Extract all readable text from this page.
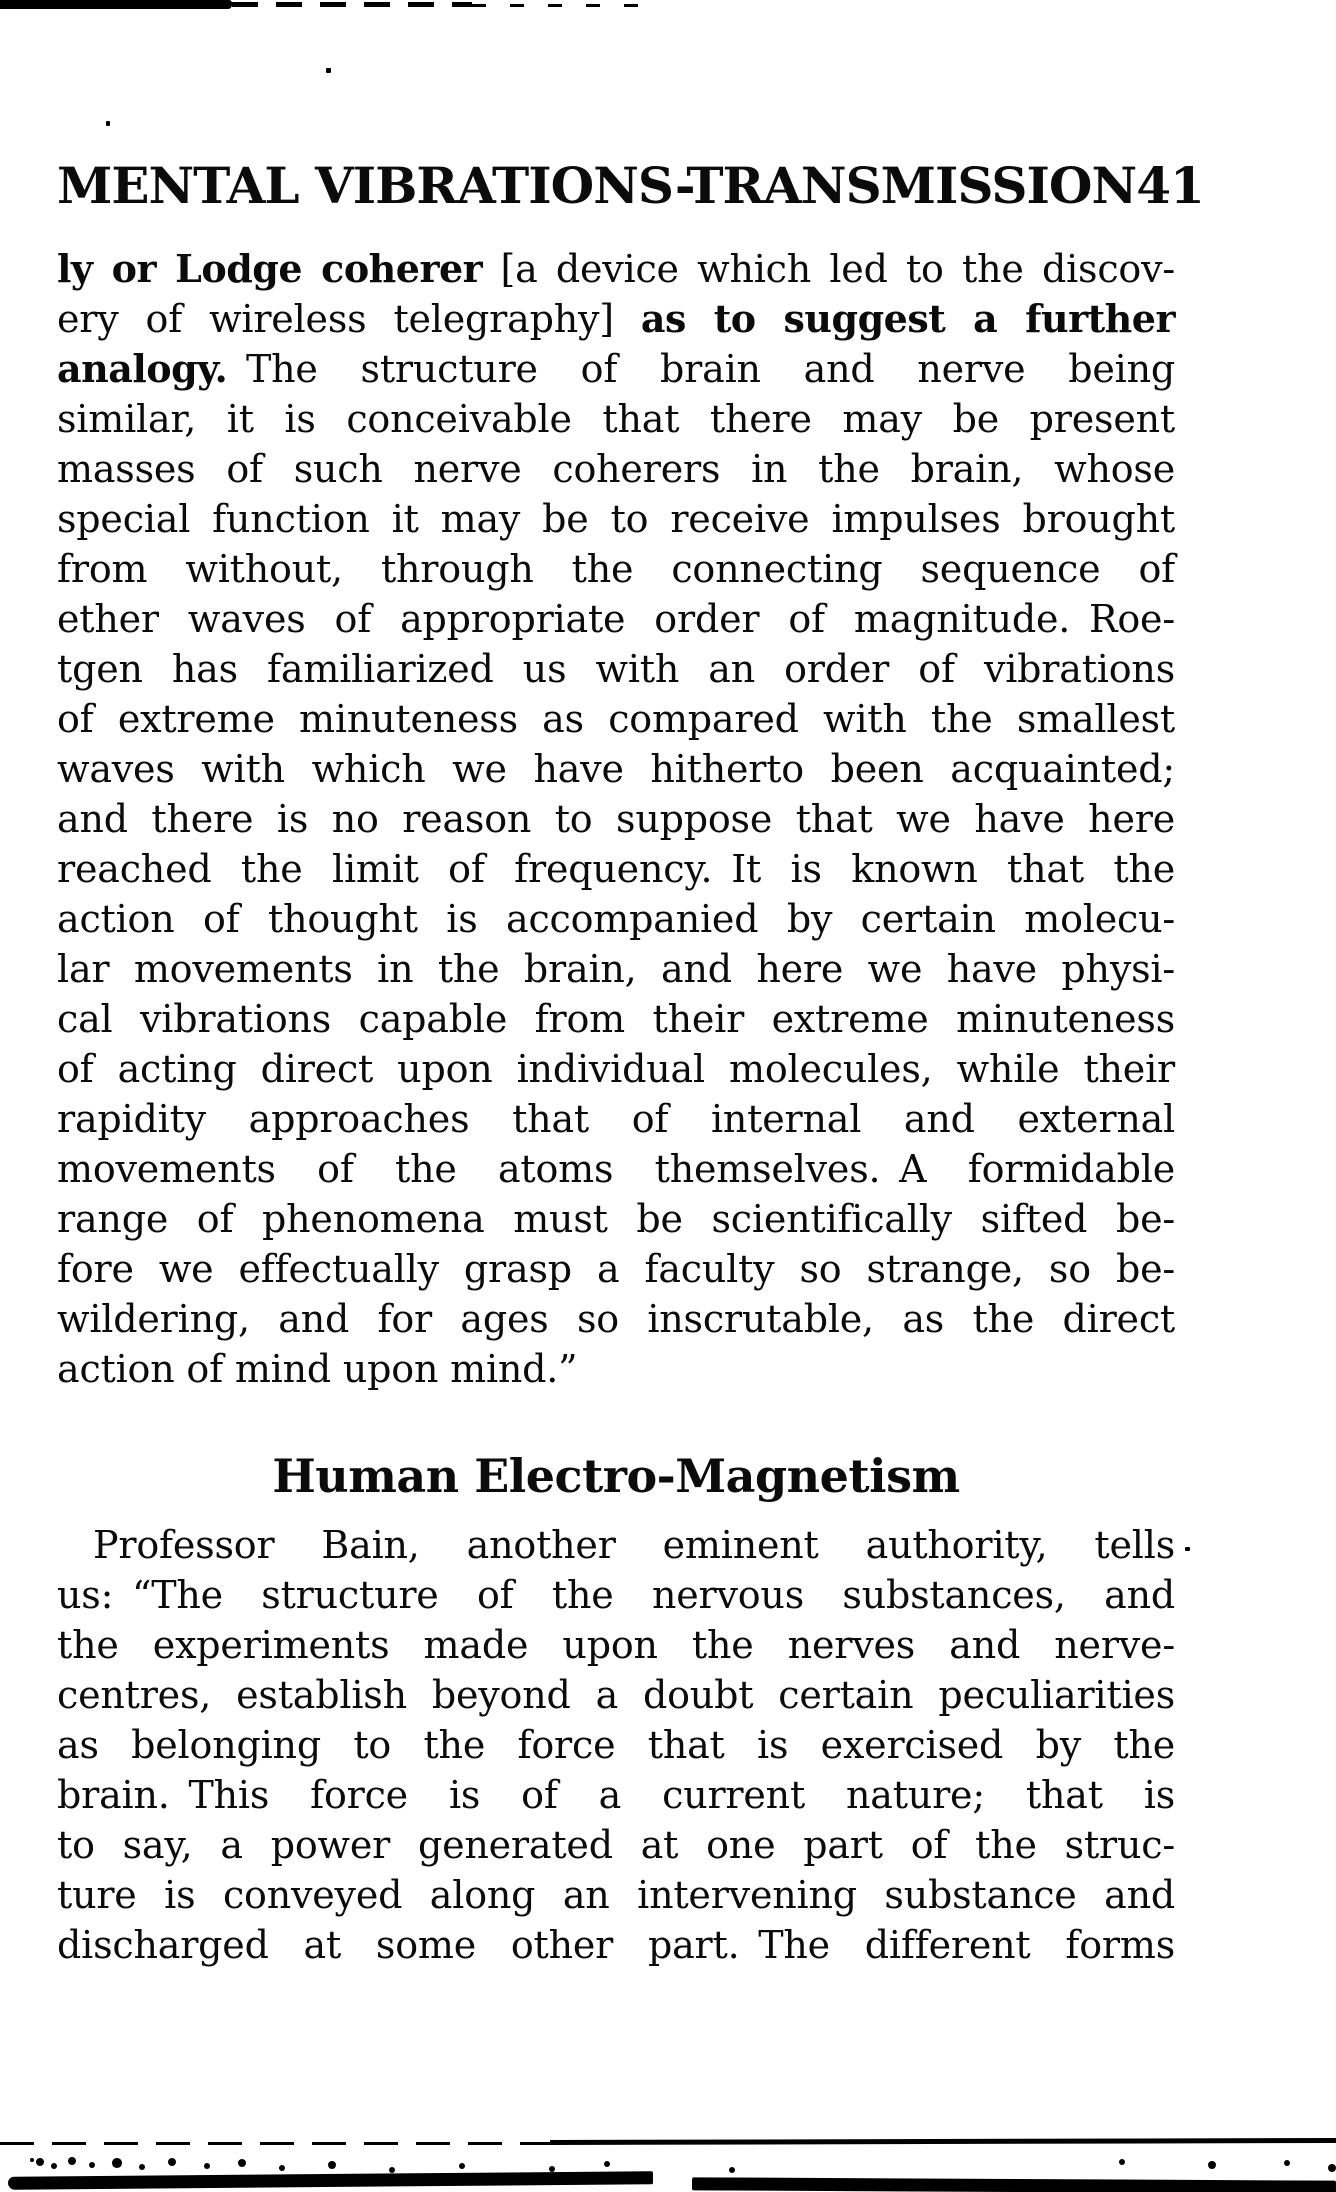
MENTAL VIBRATIONS-TRANSMISSION 41
ly or Lodge coherer [a device which led to the discov-
ery of wireless telegraphy] as to suggest a further
analogy. The structure of brain and nerve being
similar, it is conceivable that there may be present
masses of such nerve coherers in the brain, whose
special function it may be to receive impulses brought
from without, through the connecting sequence of
ether waves of appropriate order of magnitude. Roe-
tgen has familiarized us with an order of vibrations
of extreme minuteness as compared with the smallest
waves with which we have hitherto been acquainted;
and there is no reason to suppose that we have here
reached the limit of frequency. It is known that the
action of thought is accompanied by certain molecu-
lar movements in the brain, and here we have physi-
cal vibrations capable from their extreme minuteness
of acting direct upon individual molecules, while their
rapidity approaches that of internal and external
movements of the atoms themselves. A formidable
range of phenomena must be scientifically sifted be-
fore we effectually grasp a faculty so strange, so be-
wildering, and for ages so inscrutable, as the direct
action of mind upon mind.”
Human Electro-Magnetism
Professor Bain, another eminent authority, tells
us: “The structure of the nervous substances, and
the experiments made upon the nerves and nerve-
centres, establish beyond a doubt certain peculiarities
as belonging to the force that is exercised by the
brain. This force is of a current nature; that is
to say, a power generated at one part of the struc-
ture is conveyed along an intervening substance and
discharged at some other part. The different forms
